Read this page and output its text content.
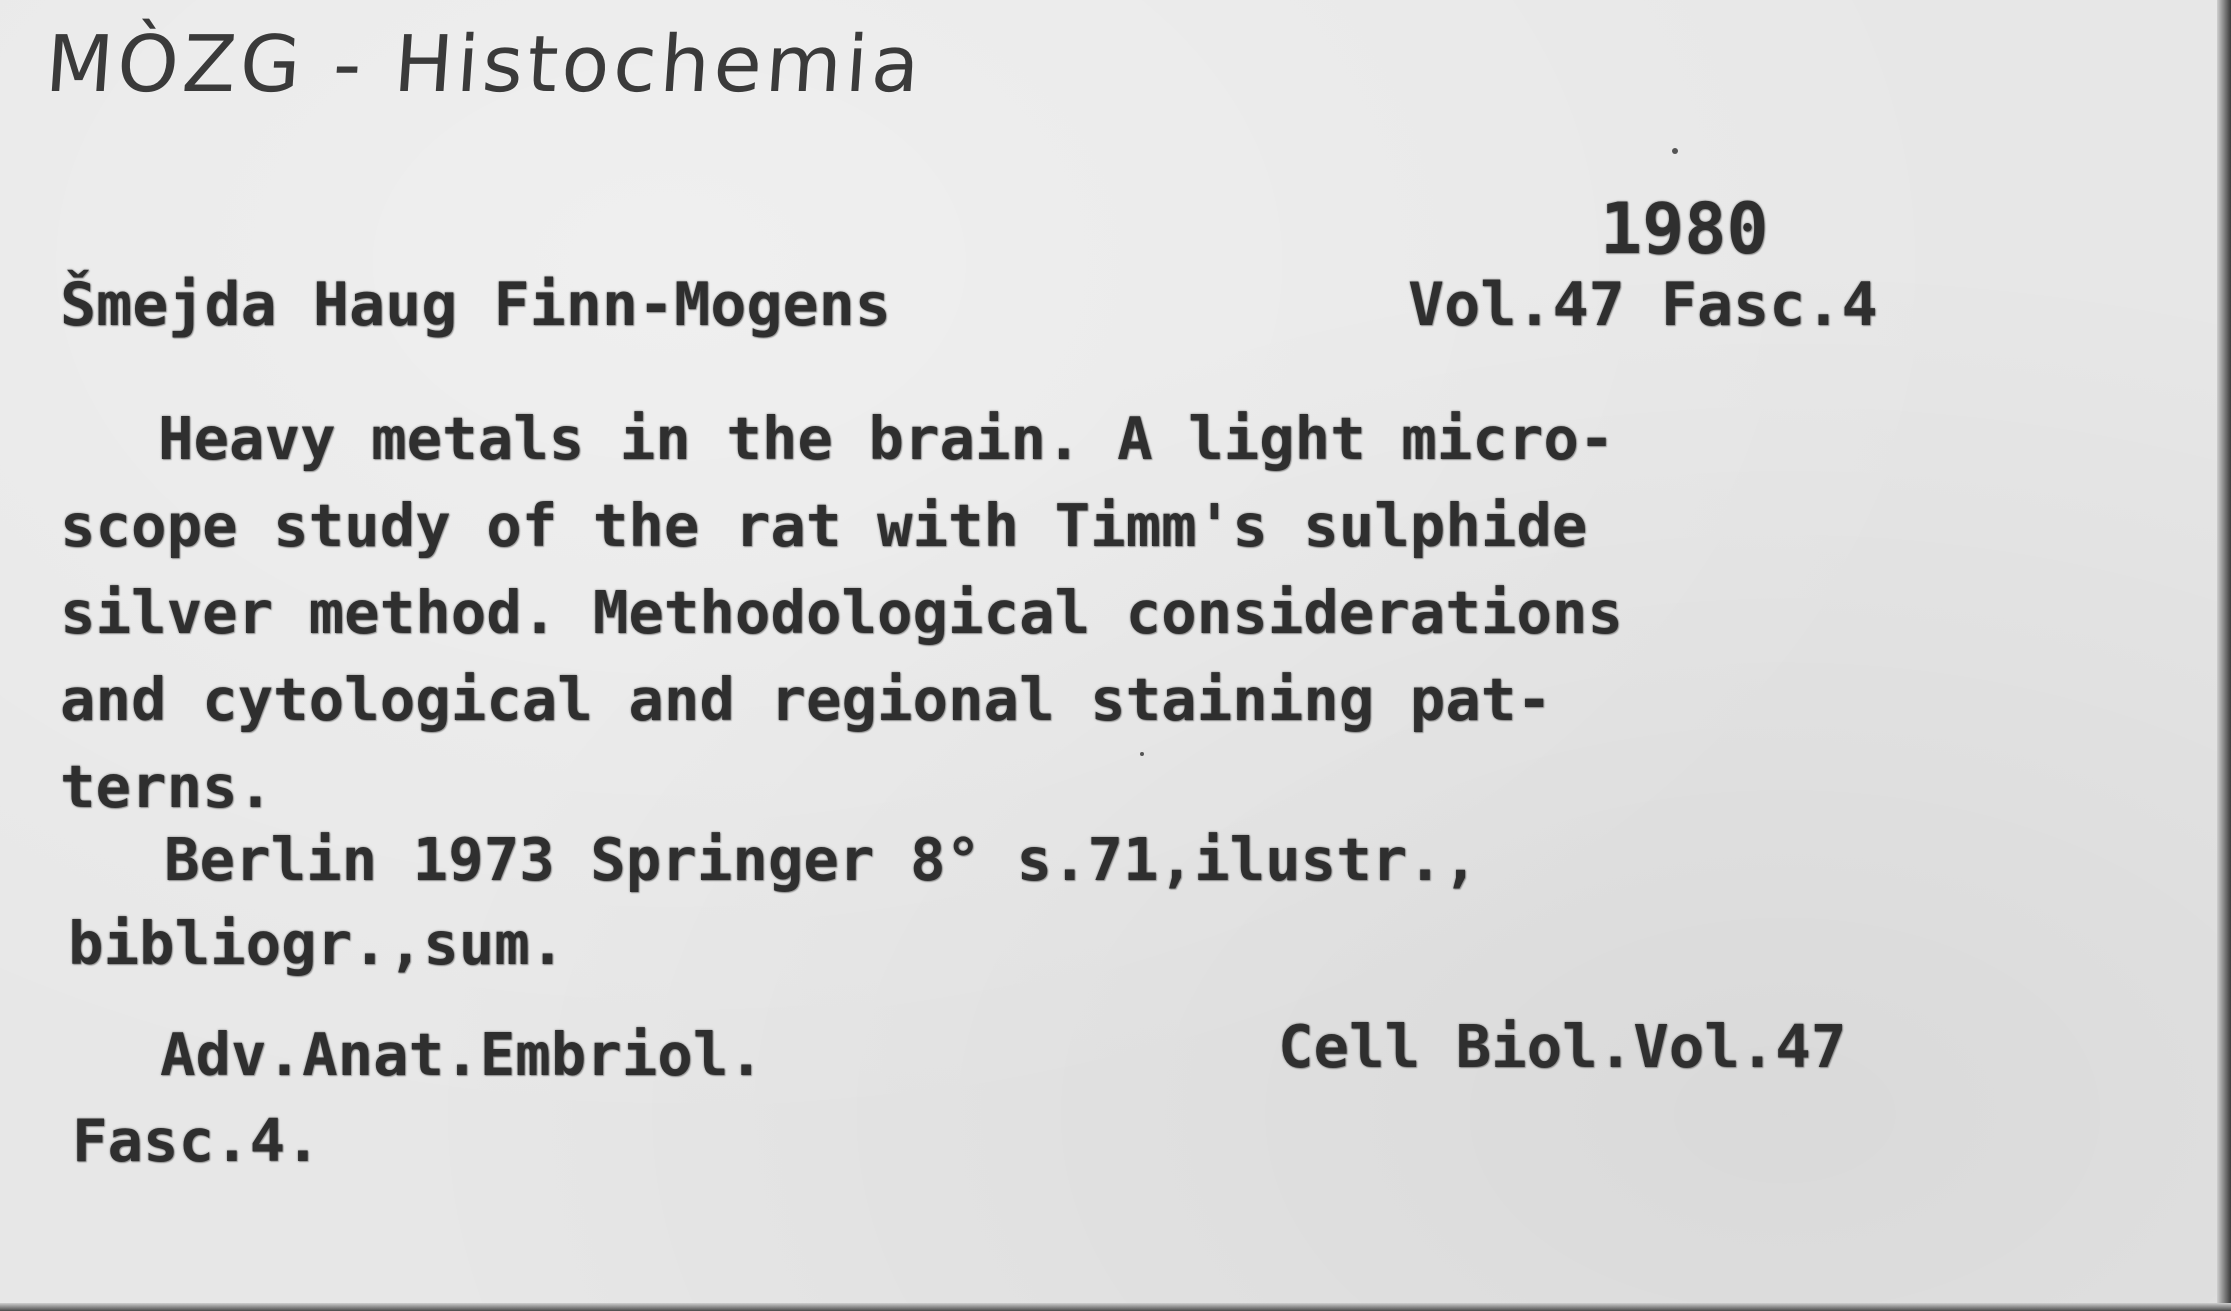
MÒZG - Histochemia
1980
Šmejda Haug Finn-Mogens	Vol.47 Fasc.4
Heavy metals in the brain. A light micro-
scope study of the rat with Timm's sulphide
silver method. Methodological considerations
and cytological and regional staining pat-
terns.
Berlin 1973 Springer 8° s.71,ilustr.,
bibliogr.,sum.
Adv.Anat.Embriol.	Cell Biol.Vol.47
Fasc.4.
